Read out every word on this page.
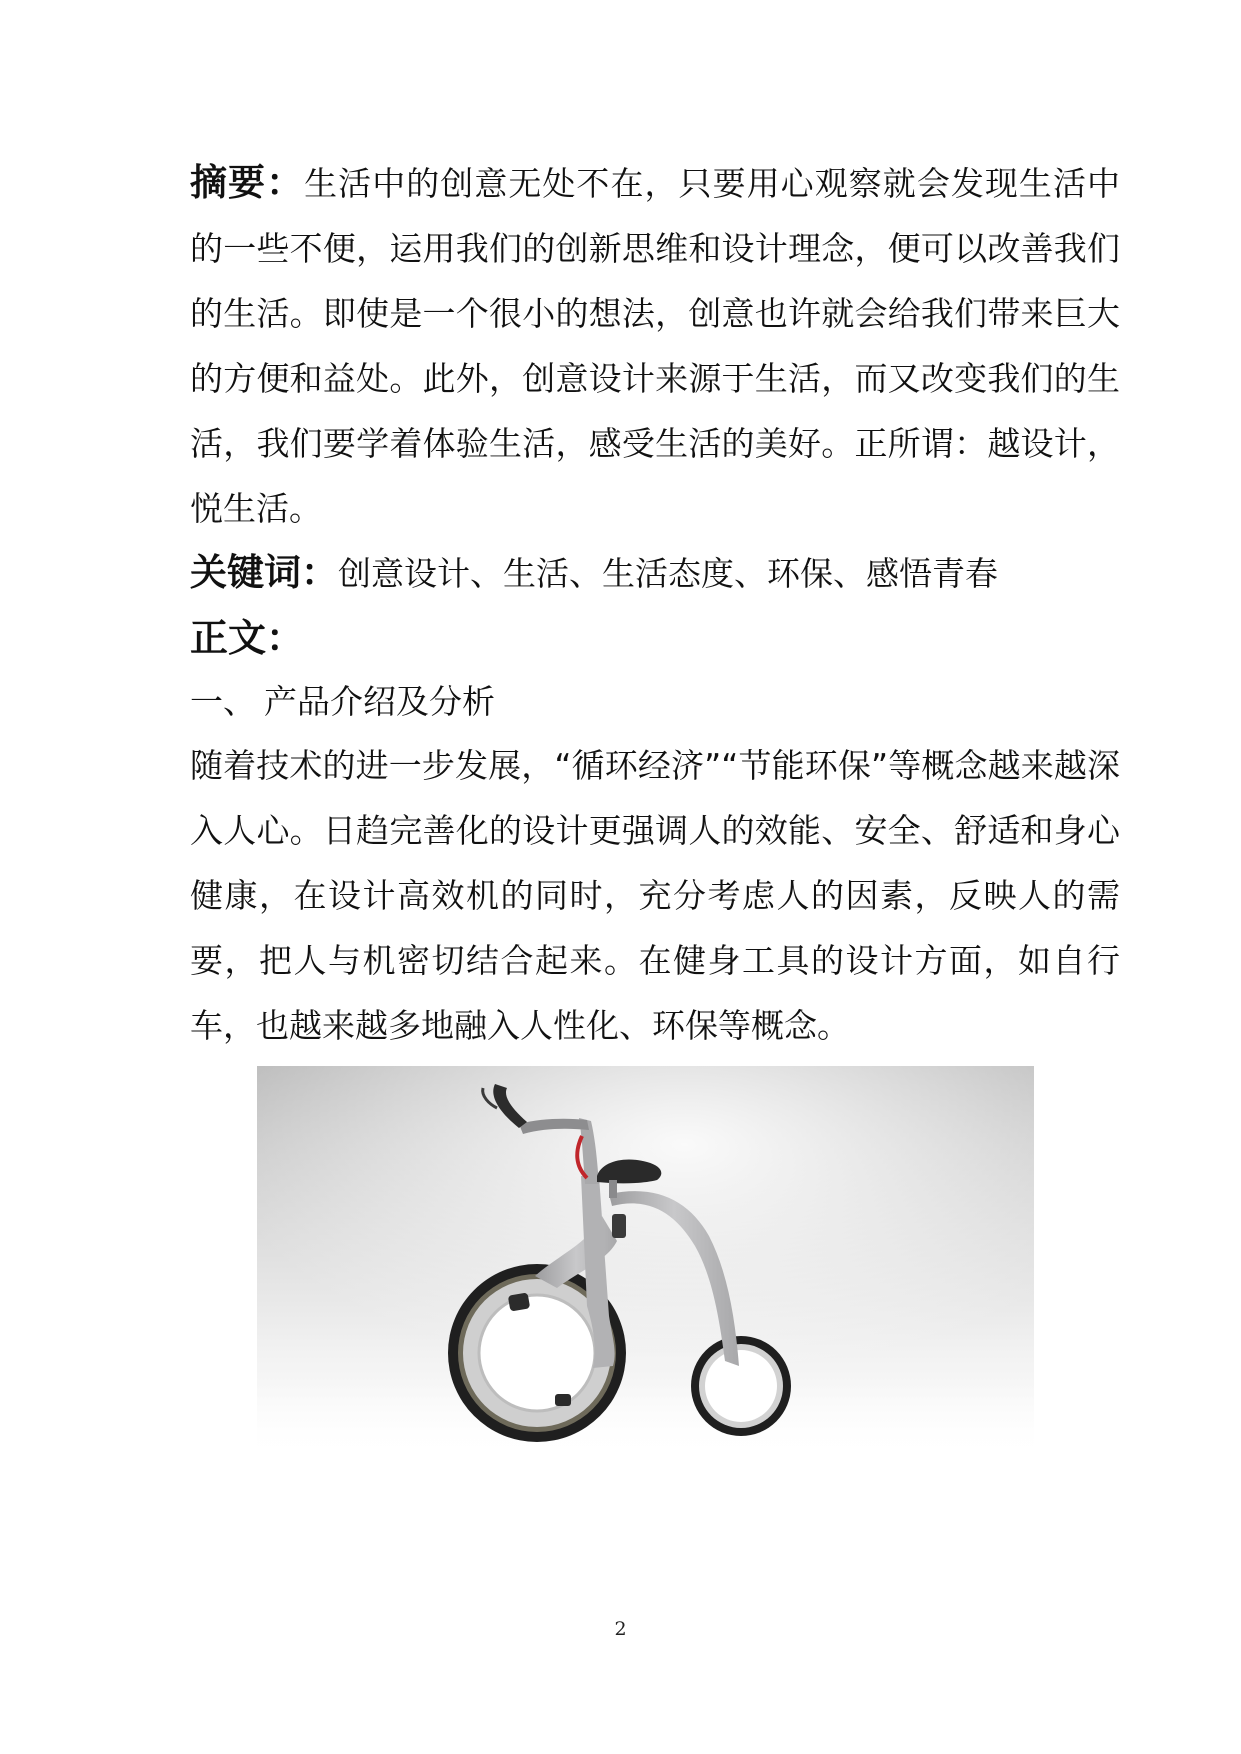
摘要：生活中的创意无处不在，只要用心观察就会发现生活中的一些不便，运用我们的创新思维和设计理念，便可以改善我们的生活。即使是一个很小的想法，创意也许就会给我们带来巨大的方便和益处。此外，创意设计来源于生活，而又改变我们的生活，我们要学着体验生活，感受生活的美好。正所谓：越设计，悦生活。

关键词：创意设计、生活、生活态度、环保、感悟青春

正文：

一、 产品介绍及分析

随着技术的进一步发展，“循环经济”“节能环保”等概念越来越深入人心。日趋完善化的设计更强调人的效能、安全、舒适和身心健康，在设计高效机的同时，充分考虑人的因素，反映人的需要，把人与机密切结合起来。在健身工具的设计方面，如自行车，也越来越多地融入人性化、环保等概念。

2
